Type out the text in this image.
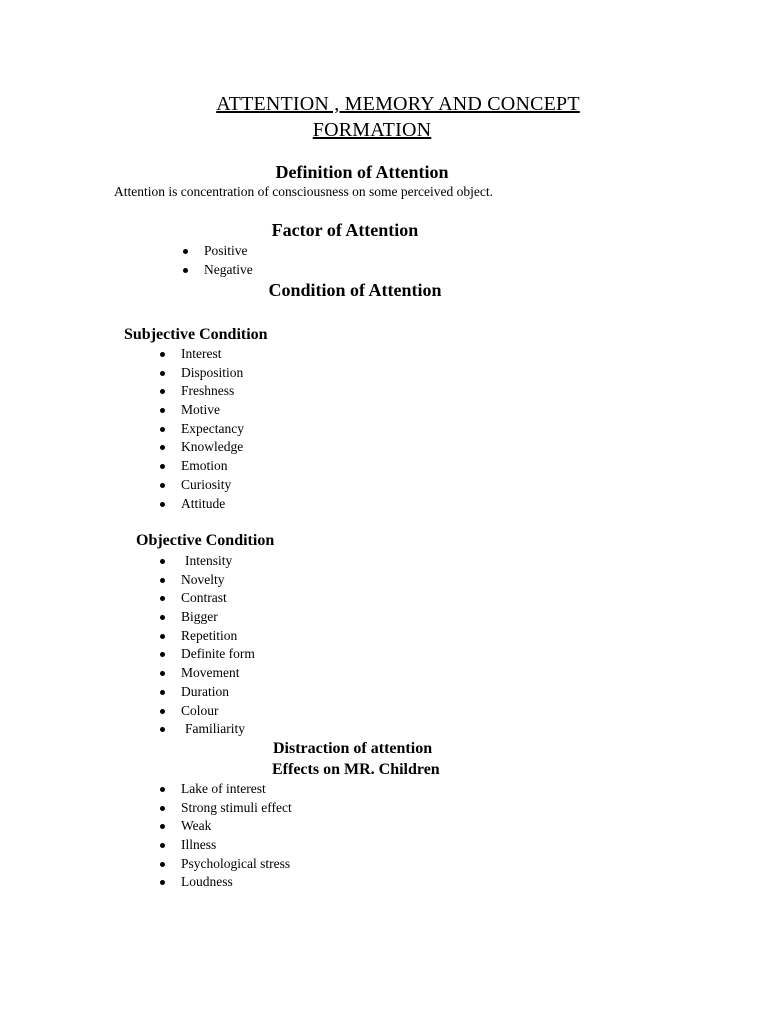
ATTENTION , MEMORY AND CONCEPT
FORMATION
Definition of Attention

Attention is concentration of consciousness on some perceived object.

Factor of Attention
Positive
Negative
Condition of Attention
Subjective Condition
Interest
Disposition
Freshness
Motive
Expectancy
Knowledge
Emotion
Curiosity
Attitude
Objective Condition
Intensity
Novelty
Contrast
Bigger
Repetition
Definite form
Movement
Duration
Colour
Familiarity
Distraction of attention
Effects on MR. Children
Lake of interest
Strong stimuli effect
Weak
Illness
Psychological stress
Loudness
